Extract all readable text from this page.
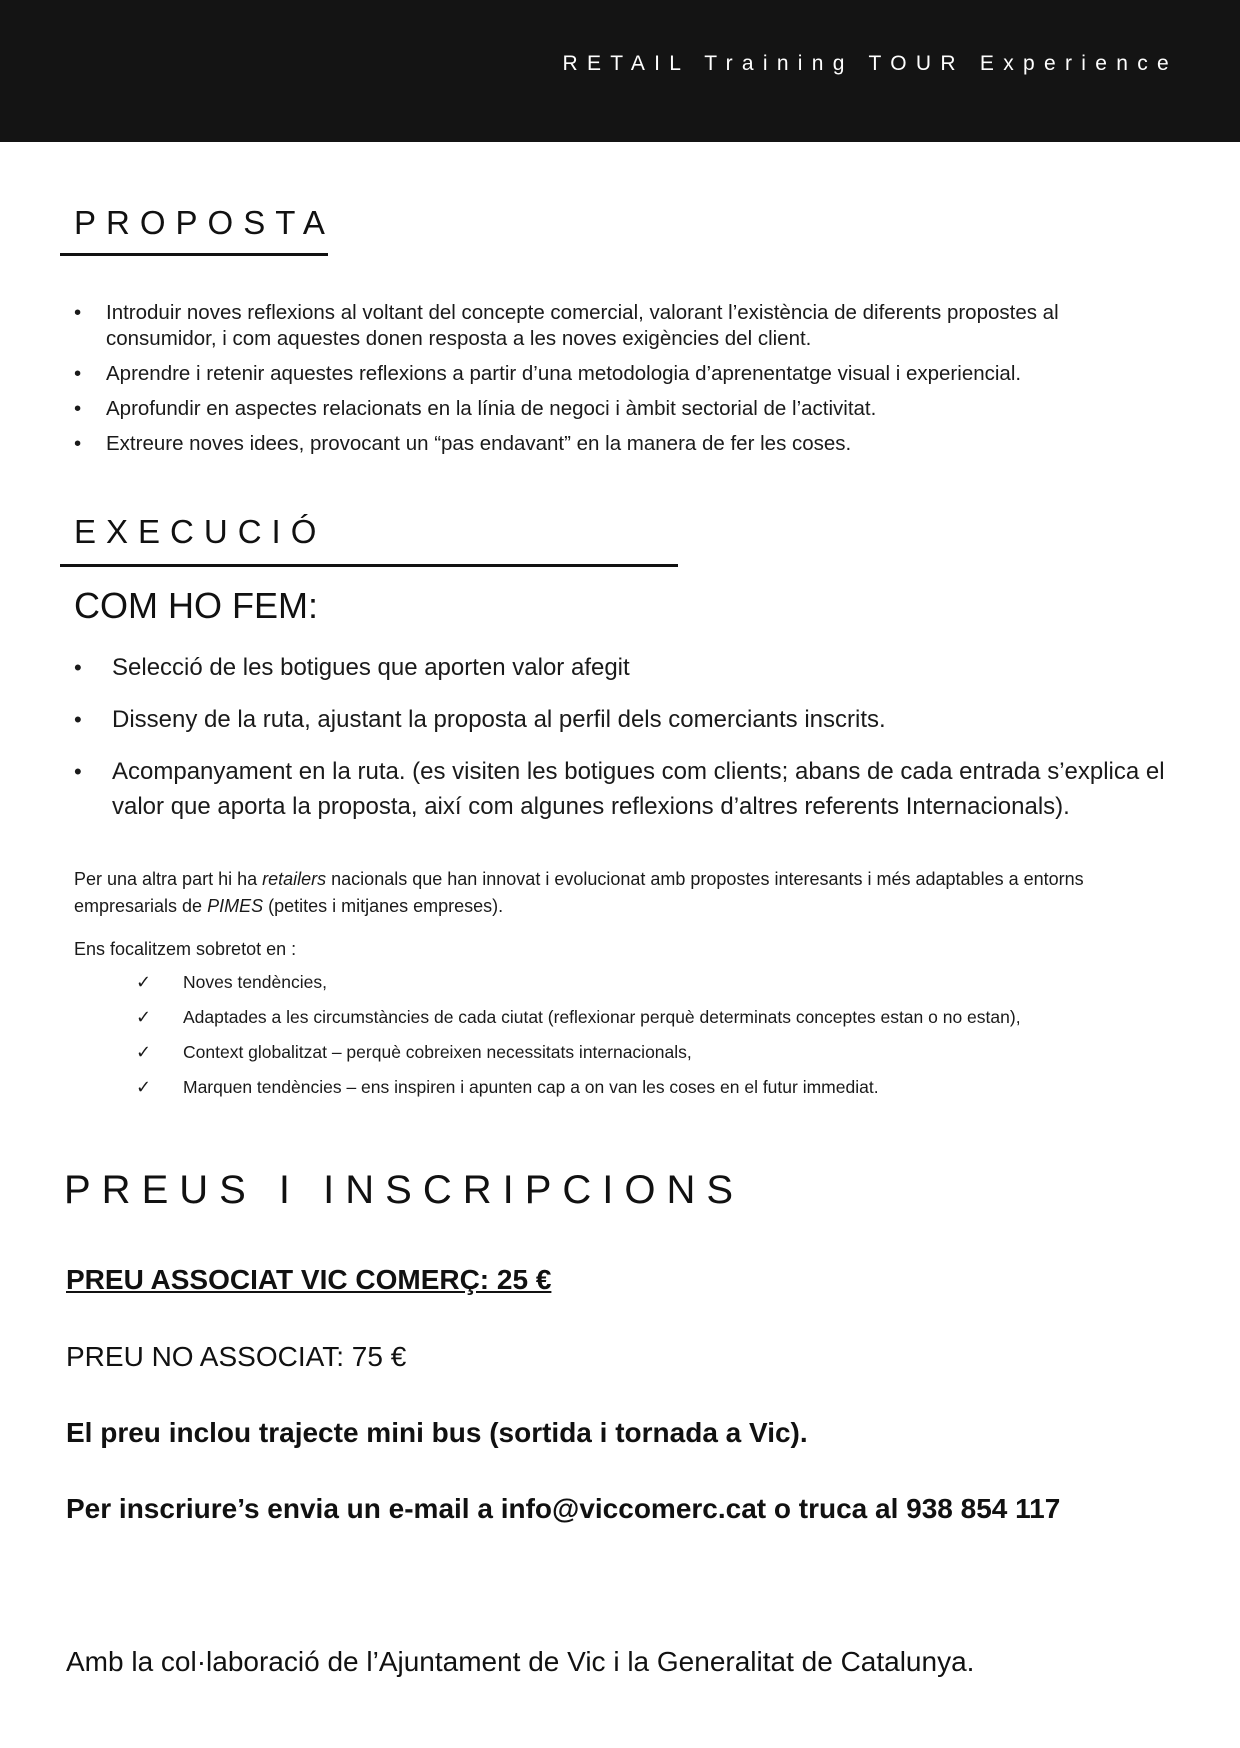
RETAIL Training TOUR Experience
PROPOSTA
• Introduir noves reflexions al voltant del concepte comercial, valorant l’existència de diferents propostes al consumidor, i com aquestes donen resposta a les noves exigències del client.
• Aprendre i retenir aquestes reflexions a partir d’una metodologia d’aprenentatge visual i experiencial.
• Aprofundir en aspectes relacionats en la línia de negoci i àmbit sectorial de l’activitat.
• Extreure noves idees, provocant un “pas endavant” en la manera de fer les coses.
EXECUCIÓ
COM HO FEM:
• Selecció de les botigues que aporten valor afegit
• Disseny de la ruta, ajustant la proposta al perfil dels comerciants inscrits.
• Acompanyament en la ruta. (es visiten les botigues com clients; abans de cada entrada s’explica el valor que aporta la proposta, així com algunes reflexions d’altres referents Internacionals).

Per una altra part hi ha retailers nacionals que han innovat i evolucionat amb propostes interesants i més adaptables a entorns empresarials de PIMES (petites i mitjanes empreses).

Ens focalitzem sobretot en :

✓ Noves tendències,
✓ Adaptades a les circumstàncies de cada ciutat (reflexionar perquè determinats conceptes estan o no estan),
✓ Context globalitzat – perquè cobreixen necessitats internacionals,
✓ Marquen tendències – ens inspiren i apunten cap a on van les coses en el futur immediat.
PREUS I INSCRIPCIONS

PREU ASSOCIAT VIC COMERÇ: 25 €

PREU NO ASSOCIAT: 75 €

El preu inclou trajecte mini bus (sortida i tornada a Vic).

Per inscriure’s envia un e-mail a info@viccomerc.cat o truca al 938 854 117

Amb la col·laboració de l’Ajuntament de Vic i la Generalitat de Catalunya.
